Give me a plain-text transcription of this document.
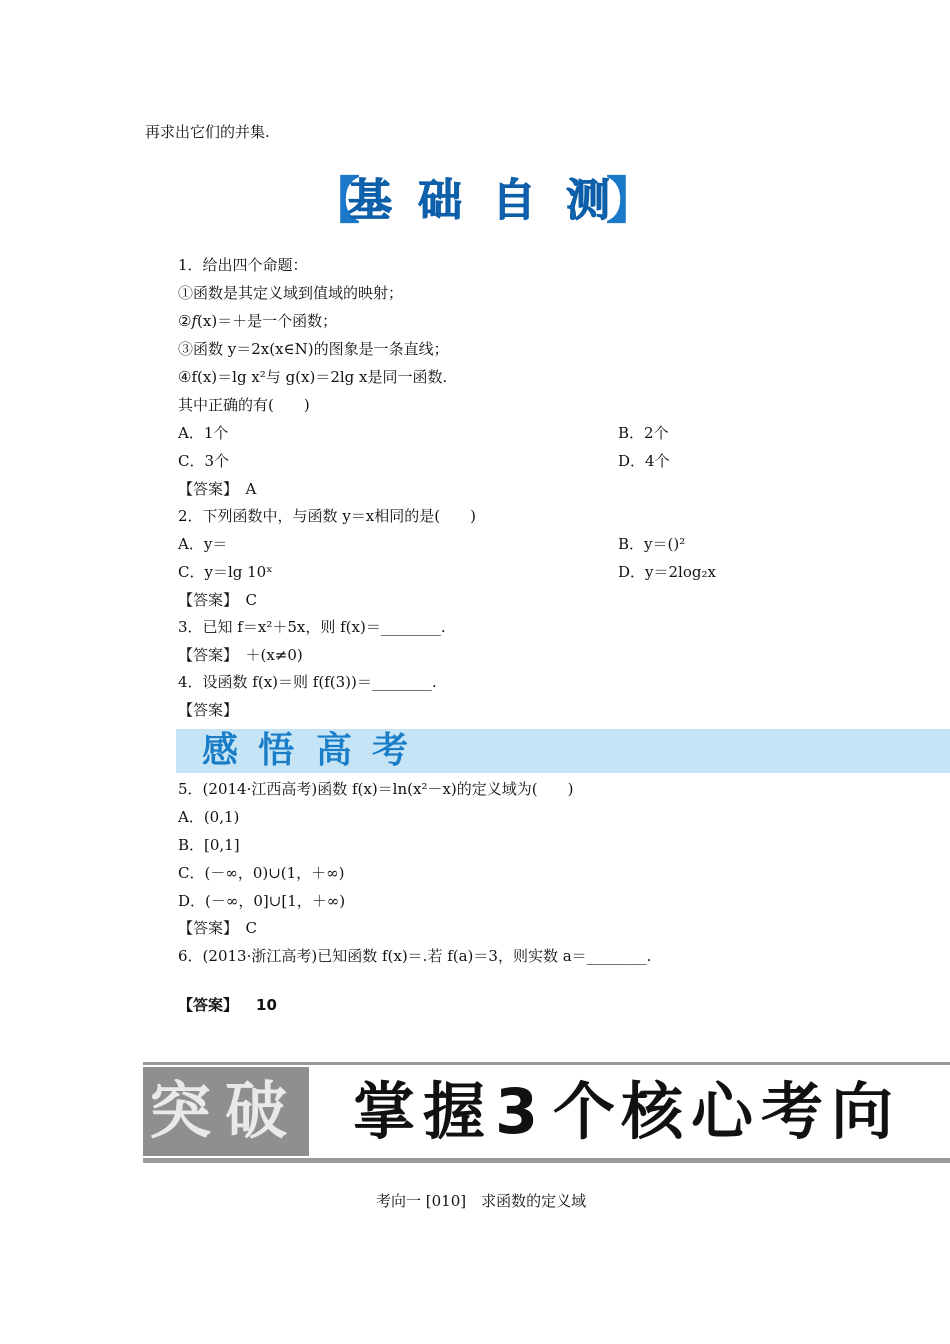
再求出它们的并集.
【
基 础 自 测
】
1．给出四个命题：
①函数是其定义域到值域的映射；
②f(x)＝＋是一个函数；
③函数 y＝2x(x∈N)的图象是一条直线；
④f(x)＝lg x²与 g(x)＝2lg x是同一函数.
其中正确的有(　　)
A．1个	B．2个
C．3个	D．4个
【答案】　A
2．下列函数中，与函数 y＝x相同的是(　　)
A．y＝	B．y＝()²
C．y＝lg 10ˣ	D．y＝2log₂x
【答案】　C
3．已知 f＝x²＋5x，则 f(x)＝________.
【答案】　＋(x≠0)
4．设函数 f(x)＝则 f(f(3))＝________.
【答案】
感 悟 高 考
5．(2014·江西高考)函数 f(x)＝ln(x²－x)的定义域为(　　)
A．(0,1)
B．[0,1]
C．(－∞，0)∪(1，＋∞)
D．(－∞，0]∪[1，＋∞)
【答案】　C
6．(2013·浙江高考)已知函数 f(x)＝.若 f(a)＝3，则实数 a＝________.
【答案】 10
突 破 掌 握 3 个 核 心 考 向
考向一 [010]　求函数的定义域
